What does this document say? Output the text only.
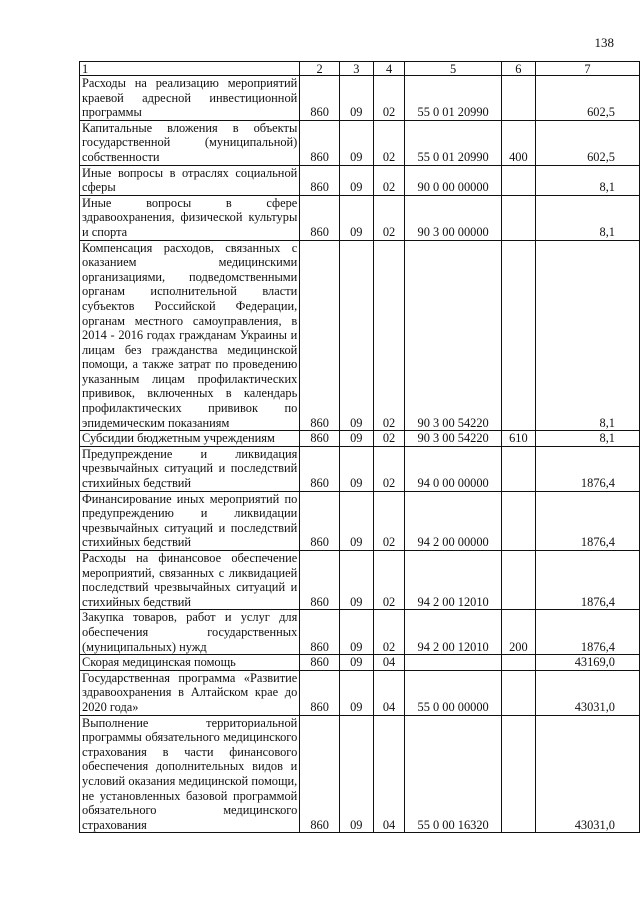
138
1	2	3	4	5	6	7
Расходы на реализацию мероприятий краевой адресной инвестиционной программы	860	09	02	55 0 01 20990		602,5
Капитальные вложения в объекты государственной (муниципальной) собственности	860	09	02	55 0 01 20990	400	602,5
Иные вопросы в отраслях социальной сферы	860	09	02	90 0 00 00000		8,1
Иные вопросы в сфере здравоохранения, физической культуры и спорта	860	09	02	90 3 00 00000		8,1
Компенсация расходов, связанных с оказанием медицинскими организациями, подведомственными органам исполнительной власти субъектов Российской Федерации, органам местного самоуправления, в 2014 - 2016 годах гражданам Украины и лицам без гражданства медицинской помощи, а также затрат по проведению указанным лицам профилактических прививок, включенных в календарь профилактических прививок по эпидемическим показаниям	860	09	02	90 3 00 54220		8,1
Субсидии бюджетным учреждениям	860	09	02	90 3 00 54220	610	8,1
Предупреждение и ликвидация чрезвычайных ситуаций и последствий стихийных бедствий	860	09	02	94 0 00 00000		1876,4
Финансирование иных мероприятий по предупреждению и ликвидации чрезвычайных ситуаций и последствий стихийных бедствий	860	09	02	94 2 00 00000		1876,4
Расходы на финансовое обеспечение мероприятий, связанных с ликвидацией последствий чрезвычайных ситуаций и стихийных бедствий	860	09	02	94 2 00 12010		1876,4
Закупка товаров, работ и услуг для обеспечения государственных (муниципальных) нужд	860	09	02	94 2 00 12010	200	1876,4
Скорая медицинская помощь	860	09	04			43169,0
Государственная программа «Развитие здравоохранения в Алтайском крае до 2020 года»	860	09	04	55 0 00 00000		43031,0
Выполнение территориальной программы обязательного медицинского страхования в части финансового обеспечения дополнительных видов и условий оказания медицинской помощи, не установленных базовой программой обязательного медицинского страхования	860	09	04	55 0 00 16320		43031,0
